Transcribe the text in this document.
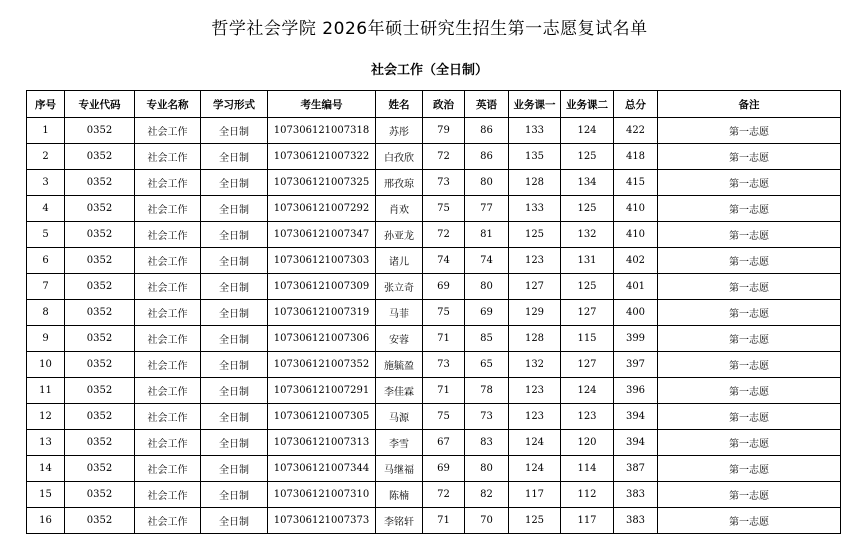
哲学社会学院 2026年硕士研究生招生第一志愿复试名单
社会工作（全日制）
序号	专业代码	专业名称	学习形式	考生编号	姓名	政治	英语	业务课一	业务课二	总分	备注
1	0352	社会工作	全日制	107306121007318	苏彤	79	86	133	124	422	第一志愿
2	0352	社会工作	全日制	107306121007322	白孜欣	72	86	135	125	418	第一志愿
3	0352	社会工作	全日制	107306121007325	邢孜琼	73	80	128	134	415	第一志愿
4	0352	社会工作	全日制	107306121007292	肖欢	75	77	133	125	410	第一志愿
5	0352	社会工作	全日制	107306121007347	孙亚龙	72	81	125	132	410	第一志愿
6	0352	社会工作	全日制	107306121007303	诸儿	74	74	123	131	402	第一志愿
7	0352	社会工作	全日制	107306121007309	张立奇	69	80	127	125	401	第一志愿
8	0352	社会工作	全日制	107306121007319	马菲	75	69	129	127	400	第一志愿
9	0352	社会工作	全日制	107306121007306	安蓉	71	85	128	115	399	第一志愿
10	0352	社会工作	全日制	107306121007352	施毓盈	73	65	132	127	397	第一志愿
11	0352	社会工作	全日制	107306121007291	李佳霖	71	78	123	124	396	第一志愿
12	0352	社会工作	全日制	107306121007305	马源	75	73	123	123	394	第一志愿
13	0352	社会工作	全日制	107306121007313	李雪	67	83	124	120	394	第一志愿
14	0352	社会工作	全日制	107306121007344	马继福	69	80	124	114	387	第一志愿
15	0352	社会工作	全日制	107306121007310	陈楠	72	82	117	112	383	第一志愿
16	0352	社会工作	全日制	107306121007373	李铭轩	71	70	125	117	383	第一志愿
